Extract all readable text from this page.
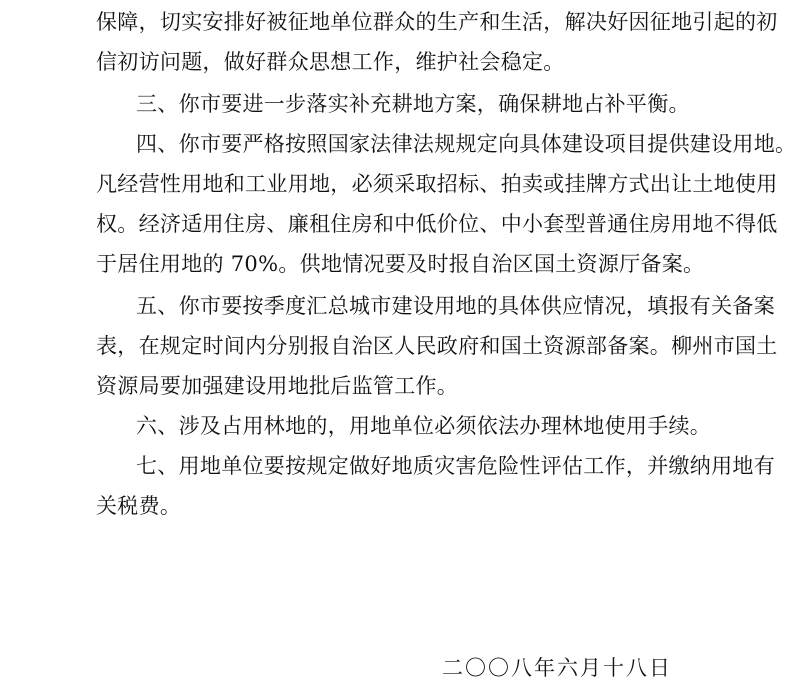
保障，切实安排好被征地单位群众的生产和生活，解决好因征地引起的初
信初访问题，做好群众思想工作，维护社会稳定。
三、你市要进一步落实补充耕地方案，确保耕地占补平衡。
四、你市要严格按照国家法律法规规定向具体建设项目提供建设用地。
凡经营性用地和工业用地，必须采取招标、拍卖或挂牌方式出让土地使用
权。经济适用住房、廉租住房和中低价位、中小套型普通住房用地不得低
于居住用地的 70%。供地情况要及时报自治区国土资源厅备案。
五、你市要按季度汇总城市建设用地的具体供应情况，填报有关备案
表，在规定时间内分别报自治区人民政府和国土资源部备案。柳州市国土
资源局要加强建设用地批后监管工作。
六、涉及占用林地的，用地单位必须依法办理林地使用手续。
七、用地单位要按规定做好地质灾害危险性评估工作，并缴纳用地有
关税费。
二〇〇八年六月十八日
